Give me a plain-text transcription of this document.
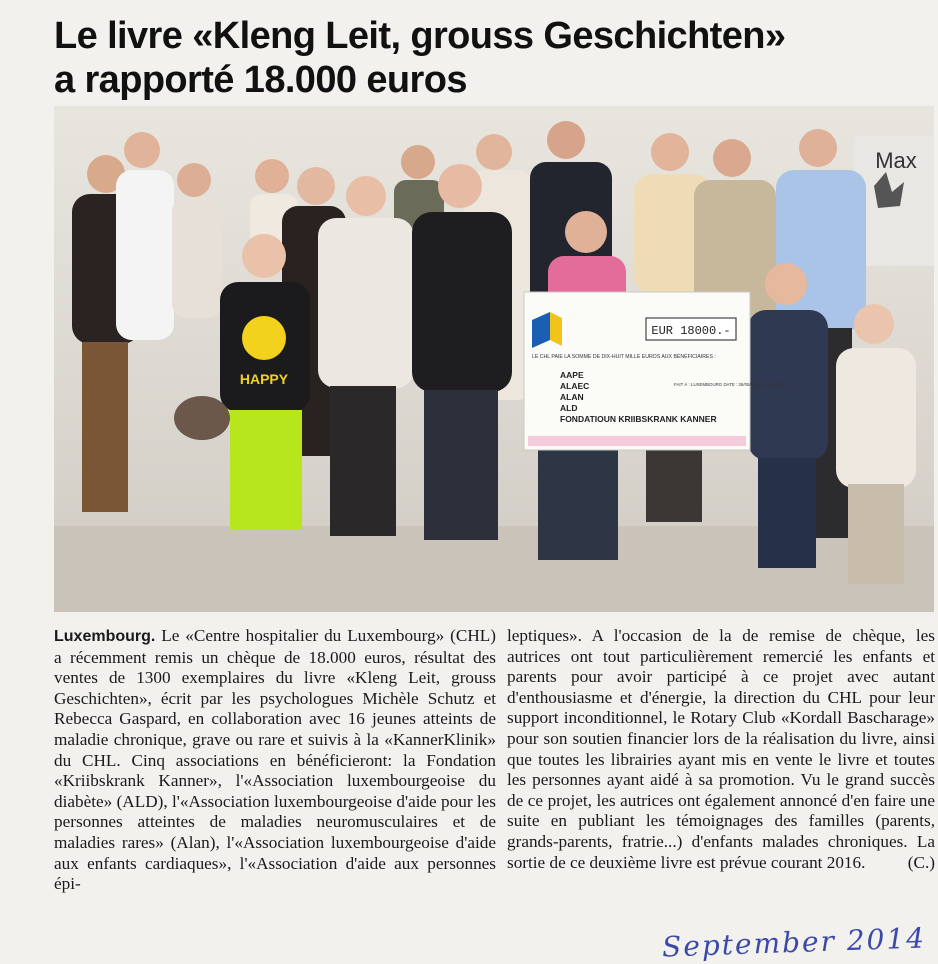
Le livre «Kleng Leit, grouss Geschichten»
a rapporté 18.000 euros
Max
HAPPY
EUR 18000.-
LE CHL PAIE LA SOMME DE DIX-HUIT MILLE EUROS AUX BÉNÉFICIAIRES :
AAPE
ALAEC
ALAN
ALD
FONDATIOUN KRIIBSKRANK KANNER
FAIT À : LUXEMBOURG DATE : 26/05/2014 SIGNATURE :

Luxembourg. Le «Centre hospitalier du Luxembourg» (CHL) a récemment remis un chèque de 18.000 euros, résultat des ventes de 1300 exemplaires du livre «Kleng Leit, grouss Geschichten», écrit par les psychologues Michèle Schutz et Rebecca Gaspard, en collaboration avec 16 jeunes atteints de maladie chronique, grave ou rare et suivis à la «KannerKlinik» du CHL. Cinq associations en bénéficieront: la Fondation «Kriibskrank Kanner», l'«Association luxembourgeoise du diabète» (ALD), l'«Association luxembourgeoise d'aide pour les personnes atteintes de maladies neuromusculaires et de maladies rares» (Alan), l'«Association luxembourgeoise d'aide aux enfants cardiaques», l'«Association d'aide aux personnes épi-

leptiques». A l'occasion de la de remise de chèque, les autrices ont tout particulièrement remercié les enfants et parents pour avoir participé à ce projet avec autant d'enthousiasme et d'énergie, la direction du CHL pour leur support inconditionnel, le Rotary Club «Kordall Bascharage» pour son soutien financier lors de la réalisation du livre, ainsi que toutes les librairies ayant mis en vente le livre et toutes les personnes ayant aidé à sa promotion. Vu le grand succès de ce projet, les autrices ont également annoncé d'en faire une suite en publiant les témoignages des familles (parents, grands-parents, fratrie...) d'enfants malades chroniques. La sortie de ce deuxième livre est prévue courant 2016. (C.)

September 2014
